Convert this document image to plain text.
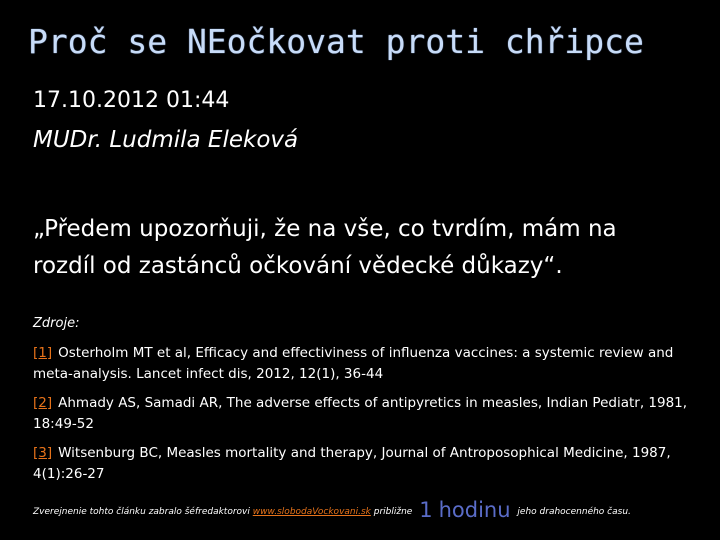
Proč se NEočkovat proti chřipce
17.10.2012 01:44
MUDr. Ludmila Eleková
„Předem upozorňuji, že na vše, co tvrdím, mám na rozdíl od zastánců očkování vědecké důkazy“.
Zdroje:
[1] Osterholm MT et al, Efficacy and effectiviness of influenza vaccines: a systemic review and meta-analysis. Lancet infect dis, 2012, 12(1), 36-44
[2] Ahmady AS, Samadi AR, The adverse effects of antipyretics in measles, Indian Pediatr, 1981, 18:49-52
[3] Witsenburg BC, Measles mortality and therapy, Journal of Antroposophical Medicine, 1987, 4(1):26-27
Zverejnenie tohto článku zabralo šéfredaktorovi www.slobodaVockovani.sk približne 1 hodinu jeho drahocenného času.
